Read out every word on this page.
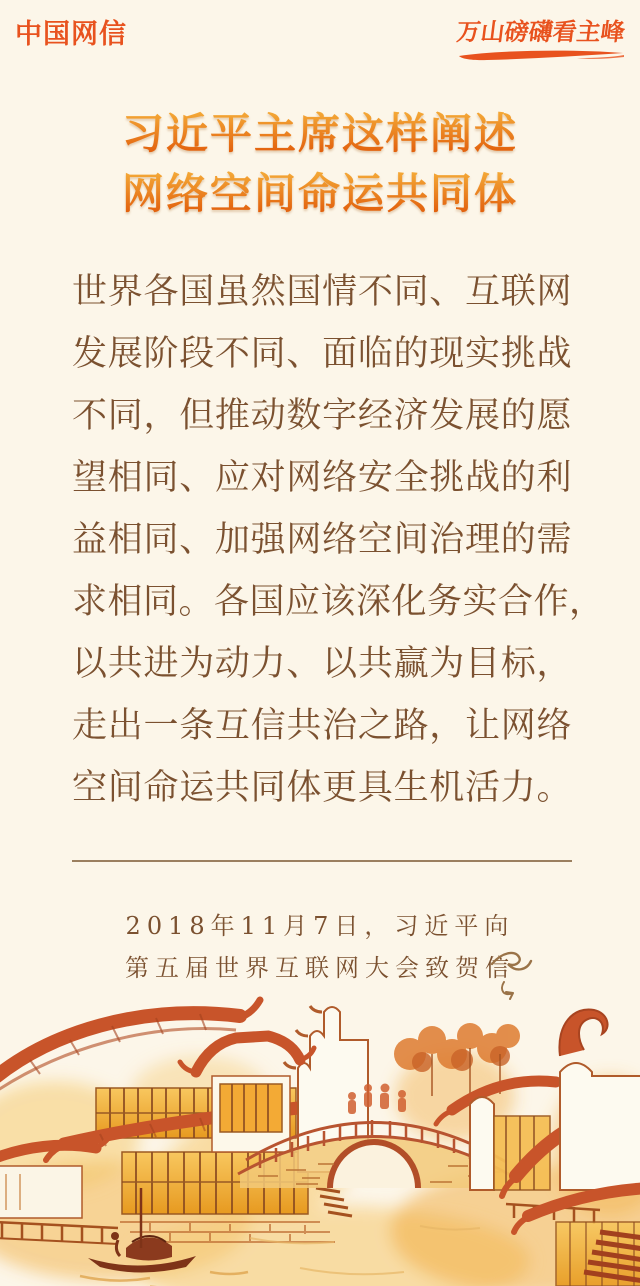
中国网信	万山磅礴看主峰
习近平主席这样阐述
网络空间命运共同体
世界各国虽然国情不同、互联网
发展阶段不同、面临的现实挑战
不同，但推动数字经济发展的愿
望相同、应对网络安全挑战的利
益相同、加强网络空间治理的需
求相同。各国应该深化务实合作，
以共进为动力、以共赢为目标，
走出一条互信共治之路，让网络
空间命运共同体更具生机活力。
2018年11月7日，习近平向
第五届世界互联网大会致贺信
